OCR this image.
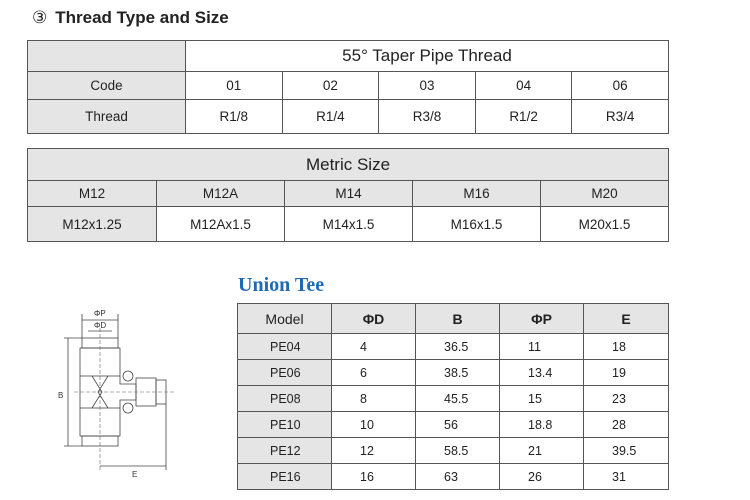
③ Thread Type and Size
	55° Taper Pipe Thread				
Code	01	02	03	04	06
Thread	R1/8	R1/4	R3/8	R1/2	R3/4
Metric Size				
M12	M12A	M14	M16	M20
M12x1.25	M12Ax1.5	M14x1.5	M16x1.5	M20x1.5
Union Tee
ΦP
ΦD
B
E
Model	ΦD	B	ΦP	E
PE04	4	36.5	11	18
PE06	6	38.5	13.4	19
PE08	8	45.5	15	23
PE10	10	56	18.8	28
PE12	12	58.5	21	39.5
PE16	16	63	26	31
